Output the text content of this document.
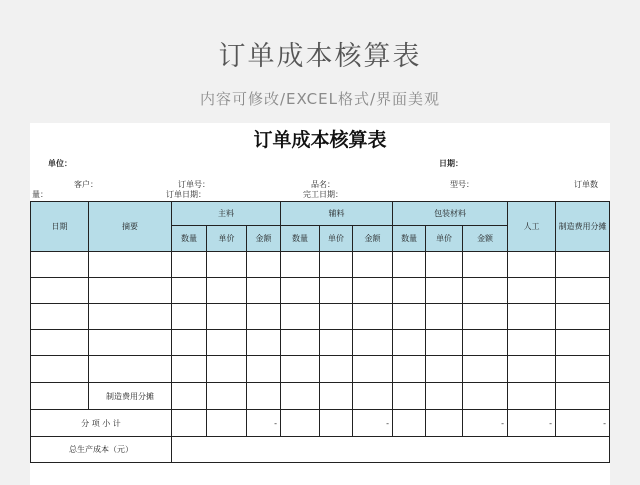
订单成本核算表
内容可修改/EXCEL格式/界面美观
订单成本核算表
单位：	日期：
客户：	订单号：	品名：	型号：	订单数
量：	订单日期：	完工日期：
日期	摘要	主料			辅料			包装材料			人工	制造费用分摊
		数量	单价	金额	数量	单价	金额	数量	单价	金额		

	制造费用分摊											
分 项 小 计				-			-			-	-	-
总生产成本（元）												
